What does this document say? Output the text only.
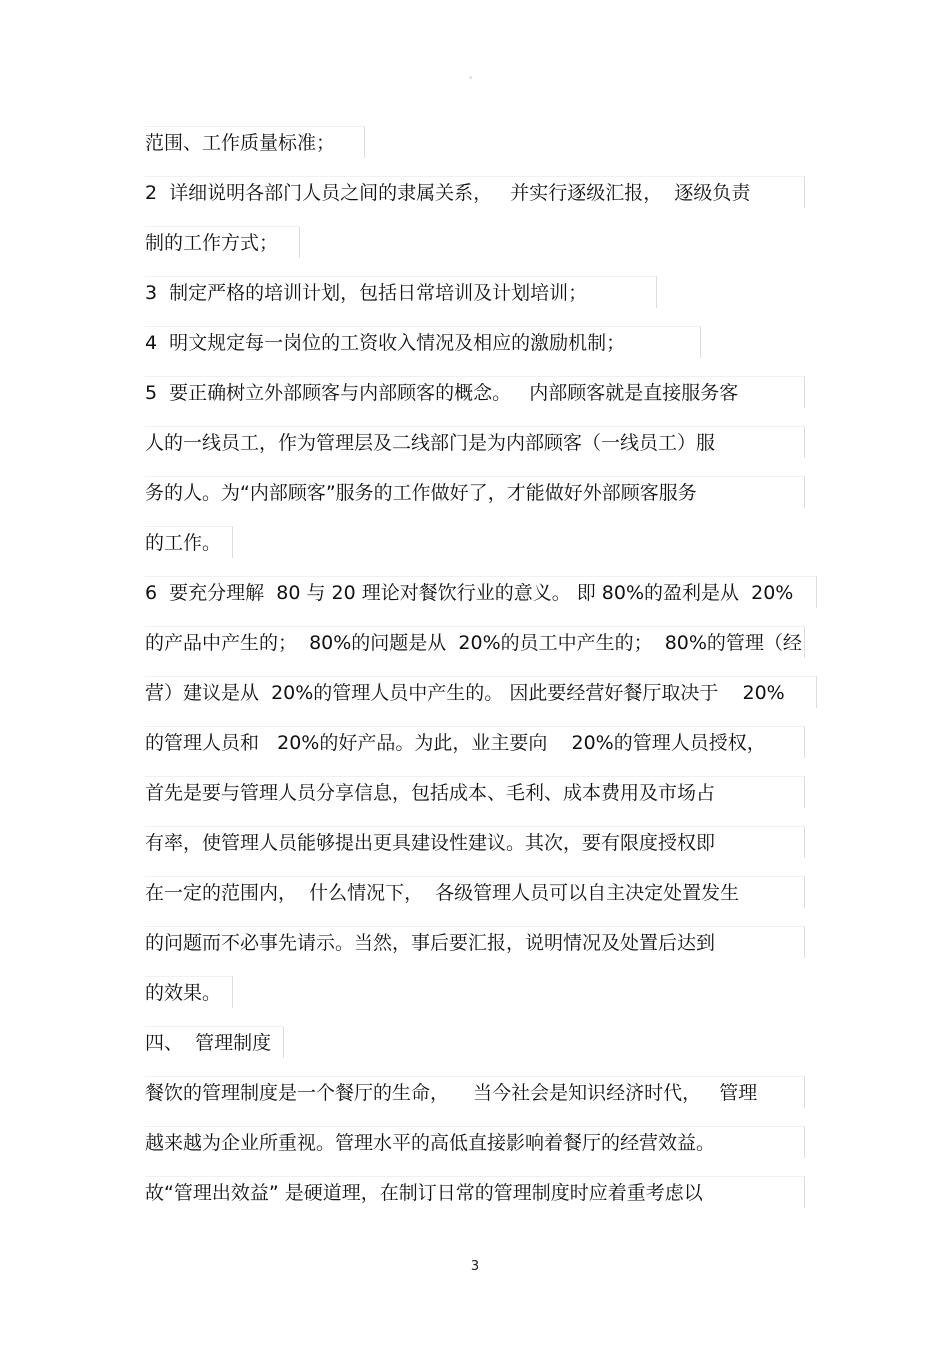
。
范围、工作质量标准；
2  详细说明各部门人员之间的隶属关系，   并实行逐级汇报，  逐级负责
制的工作方式；
3  制定严格的培训计划，包括日常培训及计划培训；
4  明文规定每一岗位的工资收入情况及相应的激励机制；
5  要正确树立外部顾客与内部顾客的概念。   内部顾客就是直接服务客
人的一线员工，作为管理层及二线部门是为内部顾客（一线员工）服
务的人。为“内部顾客”服务的工作做好了，才能做好外部顾客服务
的工作。
6  要充分理解  80 与 20 理论对餐饮行业的意义。 即 80%的盈利是从  20%
的产品中产生的；  80%的问题是从  20%的员工中产生的；  80%的管理（经
营）建议是从  20%的管理人员中产生的。 因此要经营好餐厅取决于    20%
的管理人员和   20%的好产品。为此，业主要向    20%的管理人员授权，
首先是要与管理人员分享信息，包括成本、毛利、成本费用及市场占
有率，使管理人员能够提出更具建设性建议。其次，要有限度授权即
在一定的范围内，  什么情况下，  各级管理人员可以自主决定处置发生
的问题而不必事先请示。当然，事后要汇报，说明情况及处置后达到
的效果。
四、  管理制度
餐饮的管理制度是一个餐厅的生命，    当今社会是知识经济时代，   管理
越来越为企业所重视。管理水平的高低直接影响着餐厅的经营效益。
故“管理出效益” 是硬道理，在制订日常的管理制度时应着重考虑以
3
